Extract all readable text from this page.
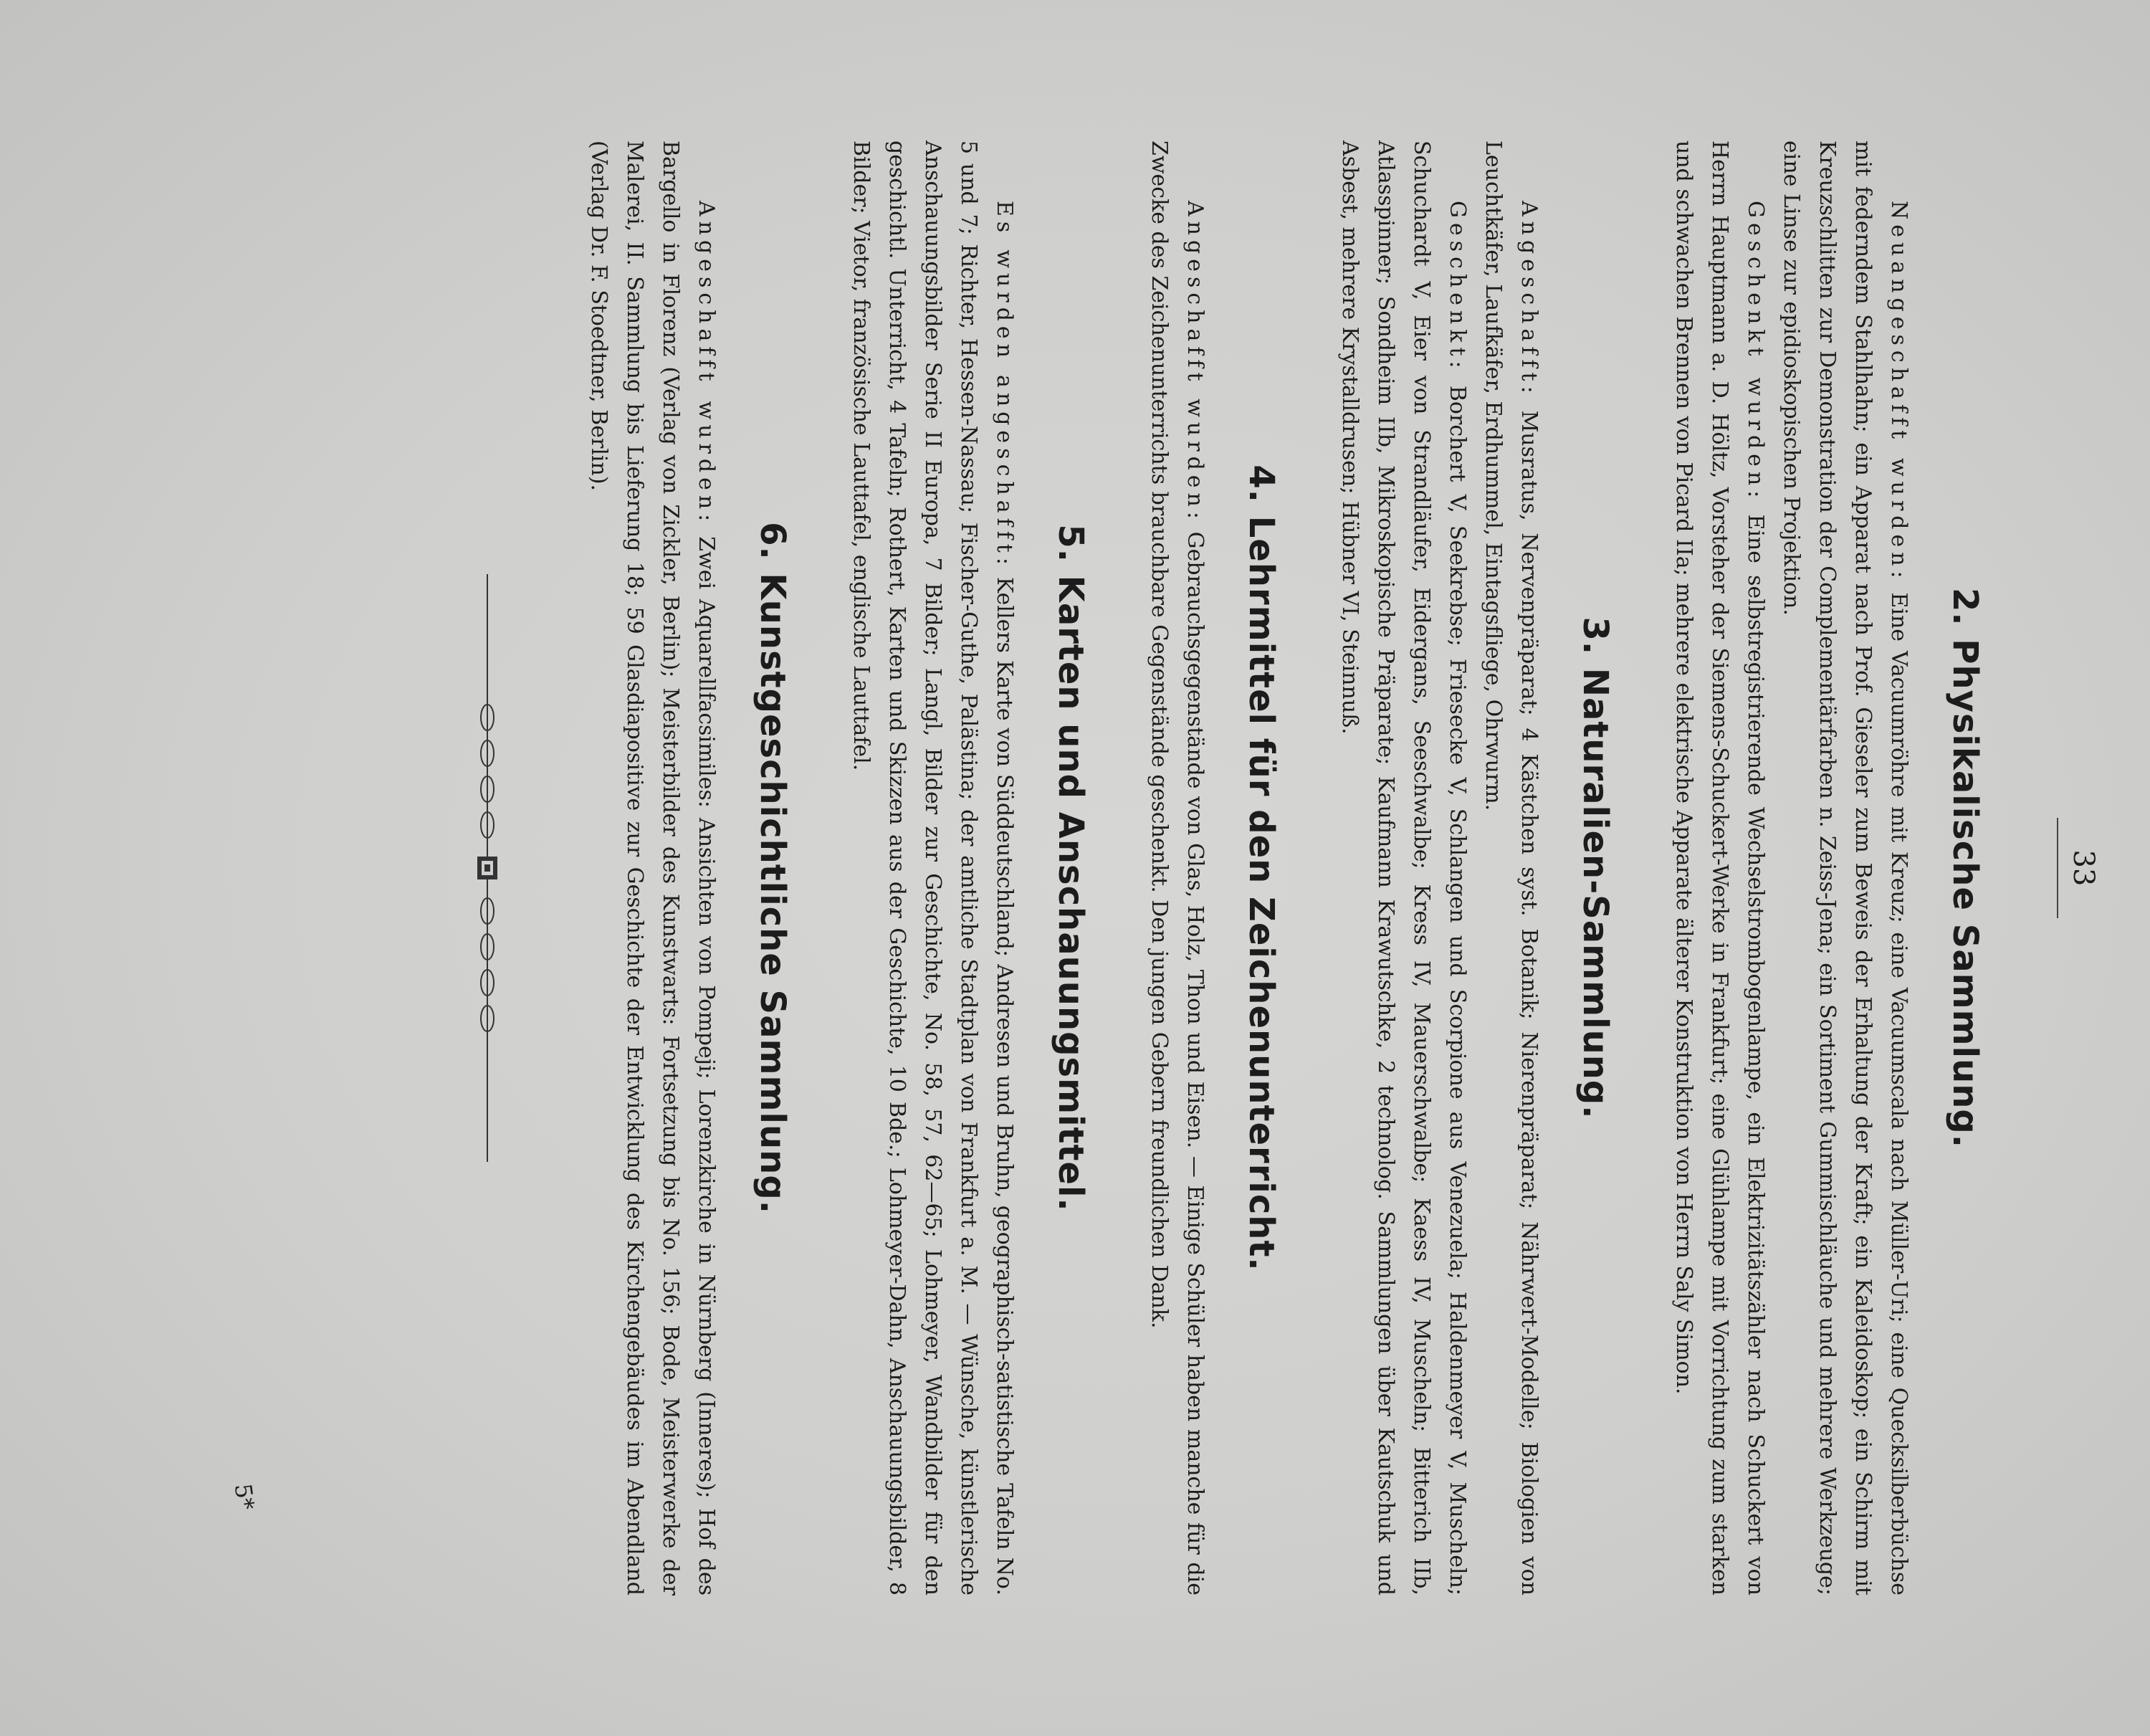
33
2. Physikalische Sammlung.

Neuangeschafft wurden: Eine Vacuumröhre mit Kreuz; eine Vacuumscala nach Müller-Uri; eine Quecksilberbüchse mit federndem Stahlhahn; ein Apparat nach Prof. Gieseler zum Beweis der Erhaltung der Kraft; ein Kaleidoskop; ein Schirm mit Kreuzschlitten zur Demonstration der Complementärfarben n. Zeiss-Jena; ein Sortiment Gummischläuche und mehrere Werkzeuge; eine Linse zur epidioskopischen Projektion.

Geschenkt wurden: Eine selbstregistrierende Wechselstrombogenlampe, ein Elektrizitätszähler nach Schuckert von Herrn Hauptmann a. D. Höltz, Vorsteher der Siemens-Schuckert-Werke in Frankfurt; eine Glühlampe mit Vorrichtung zum starken und schwachen Brennen von Picard IIa; mehrere elektrische Apparate älterer Konstruktion von Herrn Saly Simon.

3. Naturalien-Sammlung.

Angeschafft: Musratus, Nervenpräparat; 4 Kästchen syst. Botanik; Nierenpräparat; Nährwert-Modelle; Biologien von Leuchtkäfer, Laufkäfer, Erdhummel, Eintagsfliege, Ohrwurm.

Geschenkt: Borchert V, Seekrebse; Friesecke V, Schlangen und Scorpione aus Venezuela; Haldenmeyer V, Muscheln; Schuchardt V, Eier von Strandläufer, Eidergans, Seeschwalbe; Kress IV, Mauerschwalbe; Kaess IV, Muscheln; Bitterich IIb, Atlasspinner; Sondheim IIb, Mikroskopische Präparate; Kaufmann Krawutschke, 2 technolog. Sammlungen über Kautschuk und Asbest, mehrere Krystalldrusen; Hübner VI, Steinnuß.

4. Lehrmittel für den Zeichenunterricht.

Angeschafft wurden: Gebrauchsgegenstände von Glas, Holz, Thon und Eisen. — Einige Schüler haben manche für die Zwecke des Zeichenunterrichts brauchbare Gegenstände geschenkt. Den jungen Gebern freundlichen Dank.

5. Karten und Anschauungsmittel.

Es wurden angeschafft: Kellers Karte von Süddeutschland; Andresen und Bruhn, geographisch-satistische Tafeln No. 5 und 7; Richter, Hessen-Nassau; Fischer-Guthe, Palästina; der amtliche Stadtplan von Frankfurt a. M. — Wünsche, künstlerische Anschauungsbilder Serie II Europa, 7 Bilder; Langl, Bilder zur Geschichte, No. 58, 57, 62—65; Lohmeyer, Wandbilder für den geschichtl. Unterricht, 4 Tafeln; Rothert, Karten und Skizzen aus der Geschichte, 10 Bde.; Lohmeyer-Dahn, Anschauungsbilder, 8 Bilder; Vietor, französische Lauttafel, englische Lauttafel.

6. Kunstgeschichtliche Sammlung.

Angeschafft wurden: Zwei Aquarellfacsimiles: Ansichten von Pompeji; Lorenzkirche in Nürnberg (Inneres); Hof des Bargello in Florenz (Verlag von Zickler, Berlin); Meisterbilder des Kunstwarts: Fortsetzung bis No. 156; Bode, Meisterwerke der Malerei, II. Sammlung bis Lieferung 18; 59 Glasdiapositive zur Geschichte der Entwicklung des Kirchengebäudes im Abendland (Verlag Dr. F. Stoedtner, Berlin).

5*
